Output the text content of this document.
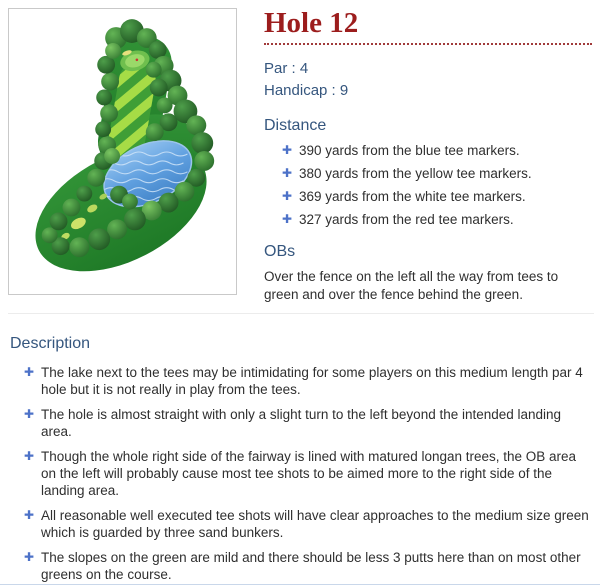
Hole 12
Par : 4
Handicap : 9
Distance
✚ 390 yards from the blue tee markers.
✚ 380 yards from the yellow tee markers.
✚ 369 yards from the white tee markers.
✚ 327 yards from the red tee markers.
OBs

Over the fence on the left all the way from tees to green and over the fence behind the green.

Description
✚ The lake next to the tees may be intimidating for some players on this medium length par 4 hole but it is not really in play from the tees.
✚ The hole is almost straight with only a slight turn to the left beyond the intended landing area.
✚ Though the whole right side of the fairway is lined with matured longan trees, the OB area on the left will probably cause most tee shots to be aimed more to the right side of the landing area.
✚ All reasonable well executed tee shots will have clear approaches to the medium size green which is guarded by three sand bunkers.
✚ The slopes on the green are mild and there should be less 3 putts here than on most other greens on the course.
